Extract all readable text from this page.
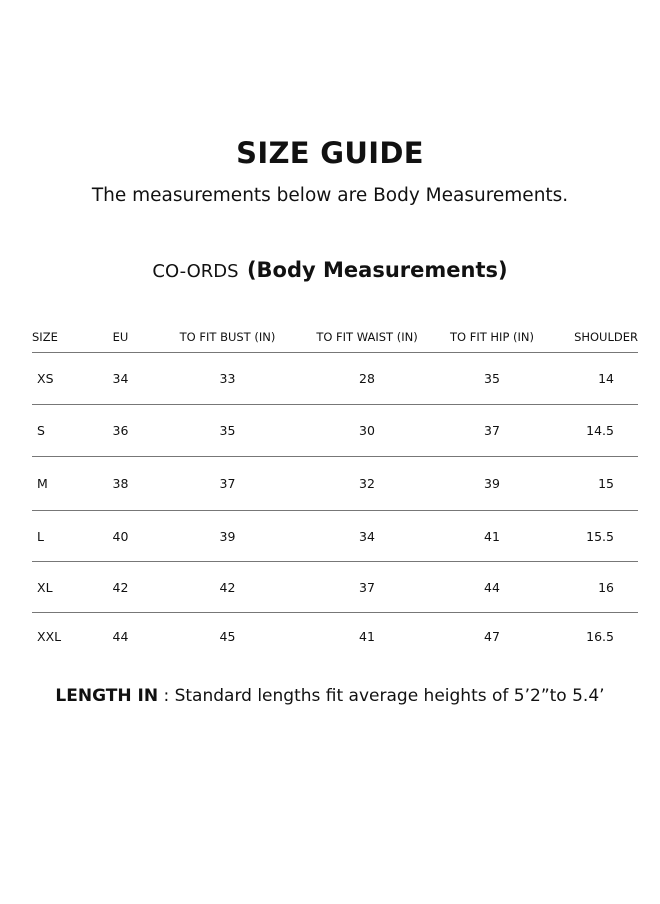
SIZE GUIDE

The measurements below are Body Measurements.

CO-ORDS (Body Measurements)
SIZE	EU	TO FIT BUST (IN)	TO FIT WAIST (IN)	TO FIT HIP (IN)	SHOULDER
XS	34	33	28	35	14
S	36	35	30	37	14.5
M	38	37	32	39	15
L	40	39	34	41	15.5
XL	42	42	37	44	16
XXL	44	45	41	47	16.5

LENGTH IN : Standard lengths fit average heights of 5’2”to 5.4’
